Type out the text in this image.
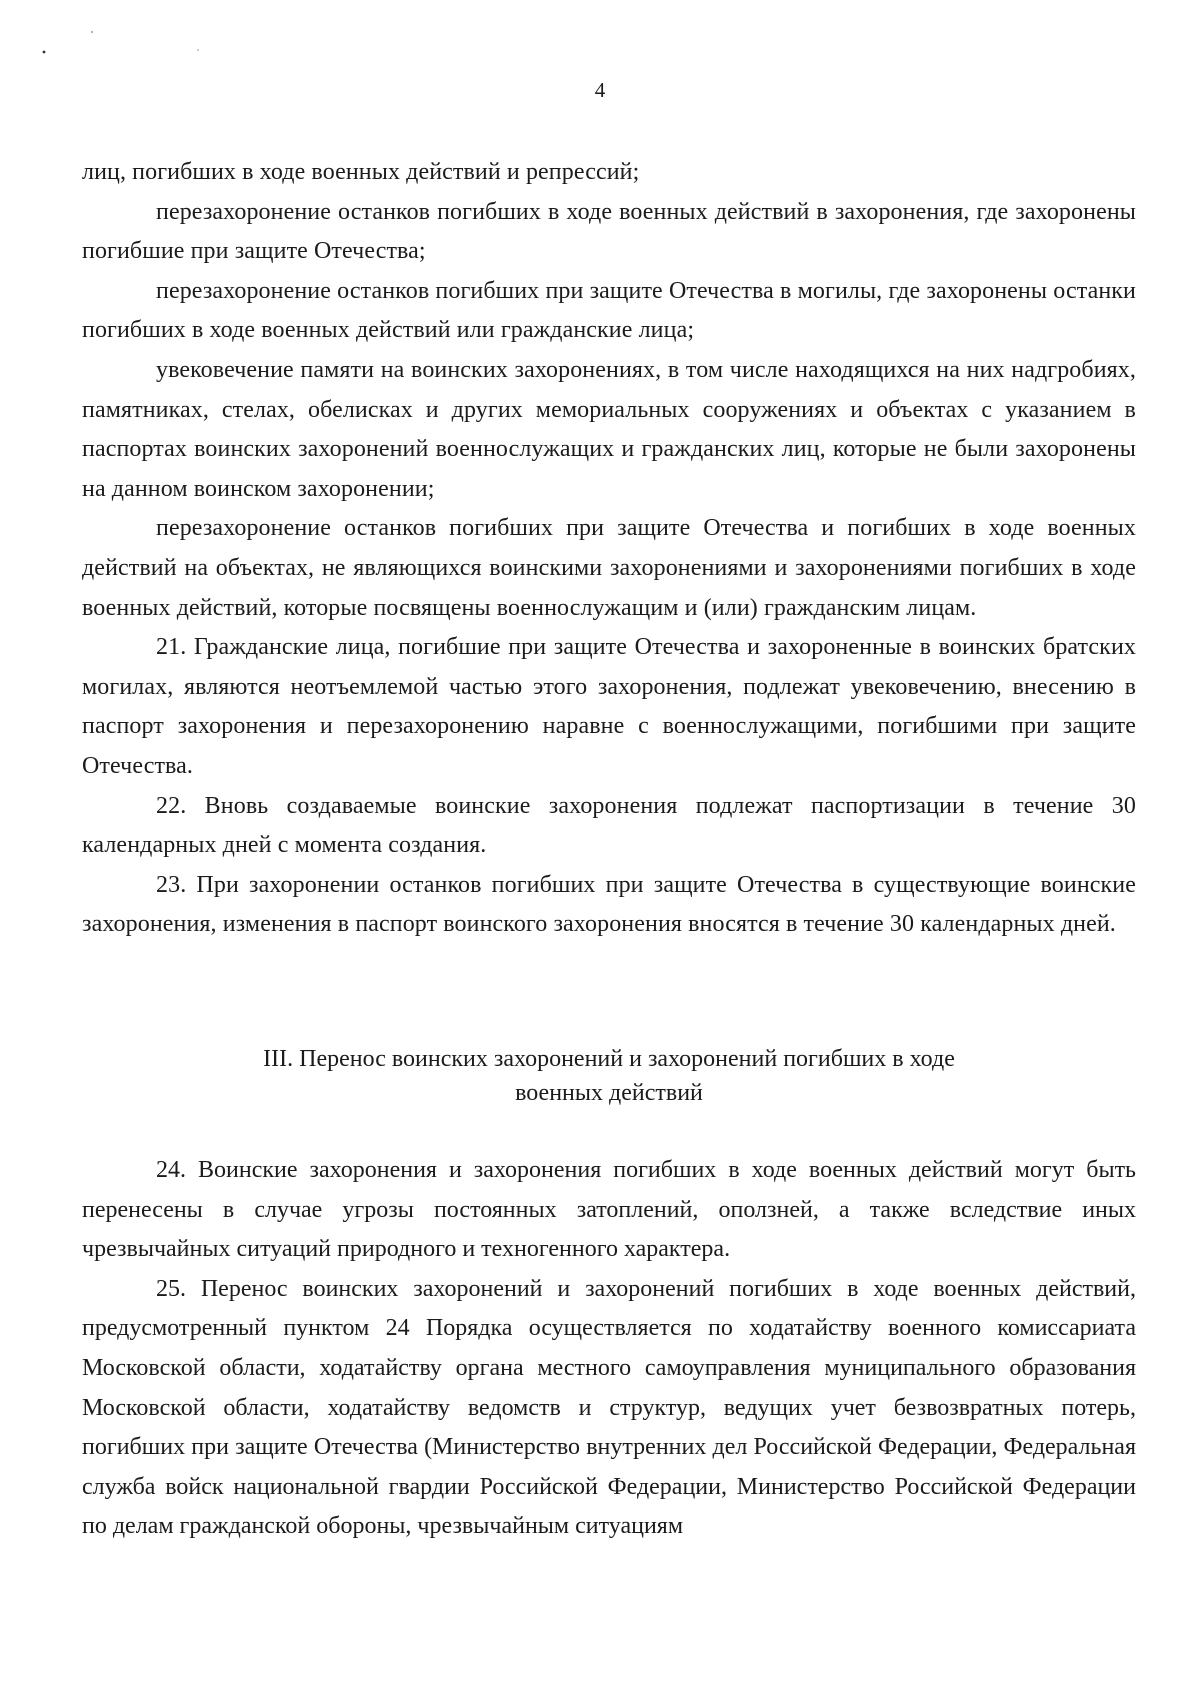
4

лиц, погибших в ходе военных действий и репрессий;

перезахоронение останков погибших в ходе военных действий в захоронения, где захоронены погибшие при защите Отечества;

перезахоронение останков погибших при защите Отечества в могилы, где захоронены останки погибших в ходе военных действий или гражданские лица;

увековечение памяти на воинских захоронениях, в том числе находящихся на них надгробиях, памятниках, стелах, обелисках и других мемориальных сооружениях и объектах с указанием в паспортах воинских захоронений военнослужащих и гражданских лиц, которые не были захоронены на данном воинском захоронении;

перезахоронение останков погибших при защите Отечества и погибших в ходе военных действий на объектах, не являющихся воинскими захоронениями и захоронениями погибших в ходе военных действий, которые посвящены военнослужащим и (или) гражданским лицам.

21. Гражданские лица, погибшие при защите Отечества и захороненные в воинских братских могилах, являются неотъемлемой частью этого захоронения, подлежат увековечению, внесению в паспорт захоронения и перезахоронению наравне с военнослужащими, погибшими при защите Отечества.

22. Вновь создаваемые воинские захоронения подлежат паспортизации в течение 30 календарных дней с момента создания.

23. При захоронении останков погибших при защите Отечества в существующие воинские захоронения, изменения в паспорт воинского захоронения вносятся в течение 30 календарных дней.

III. Перенос воинских захоронений и захоронений погибших в ходе
военных действий

24. Воинские захоронения и захоронения погибших в ходе военных действий могут быть перенесены в случае угрозы постоянных затоплений, оползней, а также вследствие иных чрезвычайных ситуаций природного и техногенного характера.

25. Перенос воинских захоронений и захоронений погибших в ходе военных действий, предусмотренный пунктом 24 Порядка осуществляется по ходатайству военного комиссариата Московской области, ходатайству органа местного самоуправления муниципального образования Московской области, ходатайству ведомств и структур, ведущих учет безвозвратных потерь, погибших при защите Отечества (Министерство внутренних дел Российской Федерации, Федеральная служба войск национальной гвардии Российской Федерации, Министерство Российской Федерации по делам гражданской обороны, чрезвычайным ситуациям
